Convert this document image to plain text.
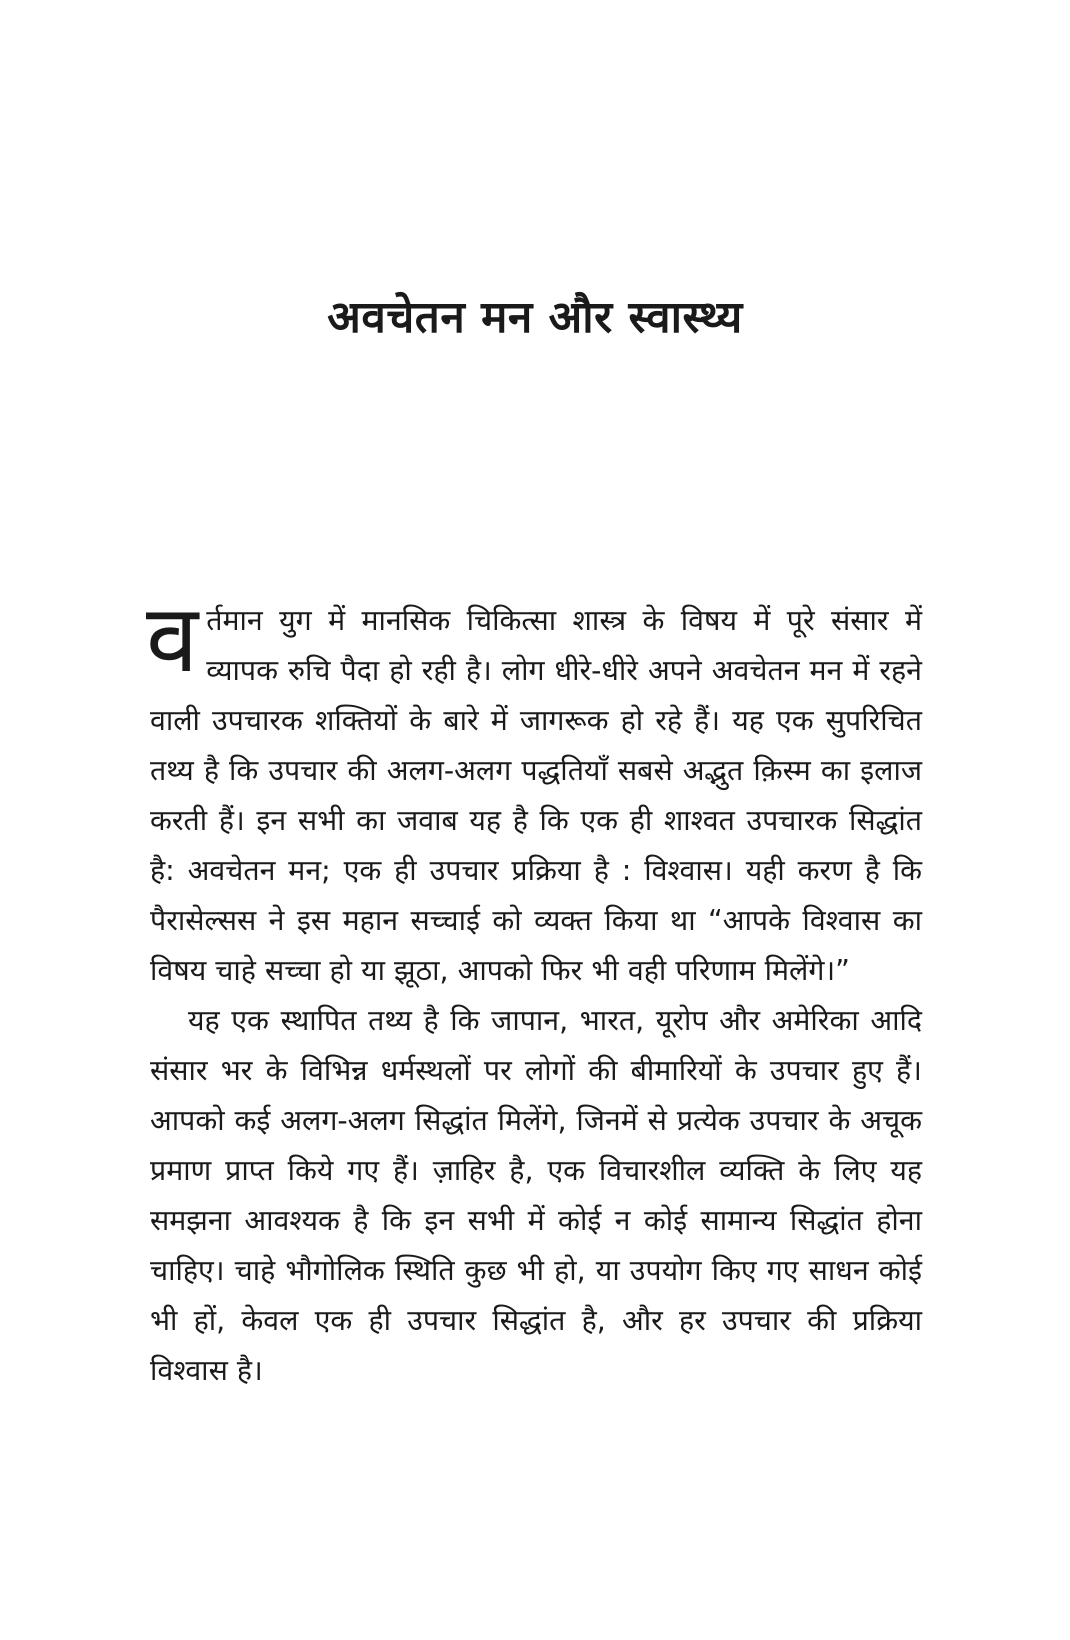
अवचेतन मन और स्वास्थ्य

वर्तमान युग में मानसिक चिकित्सा शास्त्र के विषय में पूरे संसार में व्यापक रुचि पैदा हो रही है। लोग धीरे-धीरे अपने अवचेतन मन में रहने वाली उपचारक शक्तियों के बारे में जागरूक हो रहे हैं। यह एक सुपरिचित तथ्य है कि उपचार की अलग-अलग पद्धतियाँ सबसे अद्भुत क़िस्म का इलाज करती हैं। इन सभी का जवाब यह है कि एक ही शाश्वत उपचारक सिद्धांत है: अवचेतन मन; एक ही उपचार प्रक्रिया है : विश्वास। यही करण है कि पैरासेल्सस ने इस महान सच्चाई को व्यक्त किया था “आपके विश्वास का विषय चाहे सच्चा हो या झूठा, आपको फिर भी वही परिणाम मिलेंगे।”

यह एक स्थापित तथ्य है कि जापान, भारत, यूरोप और अमेरिका आदि संसार भर के विभिन्न धर्मस्थलों पर लोगों की बीमारियों के उपचार हुए हैं। आपको कई अलग-अलग सिद्धांत मिलेंगे, जिनमें से प्रत्येक उपचार के अचूक प्रमाण प्राप्त किये गए हैं। ज़ाहिर है, एक विचारशील व्यक्ति के लिए यह समझना आवश्यक है कि इन सभी में कोई न कोई सामान्य सिद्धांत होना चाहिए। चाहे भौगोलिक स्थिति कुछ भी हो, या उपयोग किए गए साधन कोई भी हों, केवल एक ही उपचार सिद्धांत है, और हर उपचार की प्रक्रिया विश्वास है।
